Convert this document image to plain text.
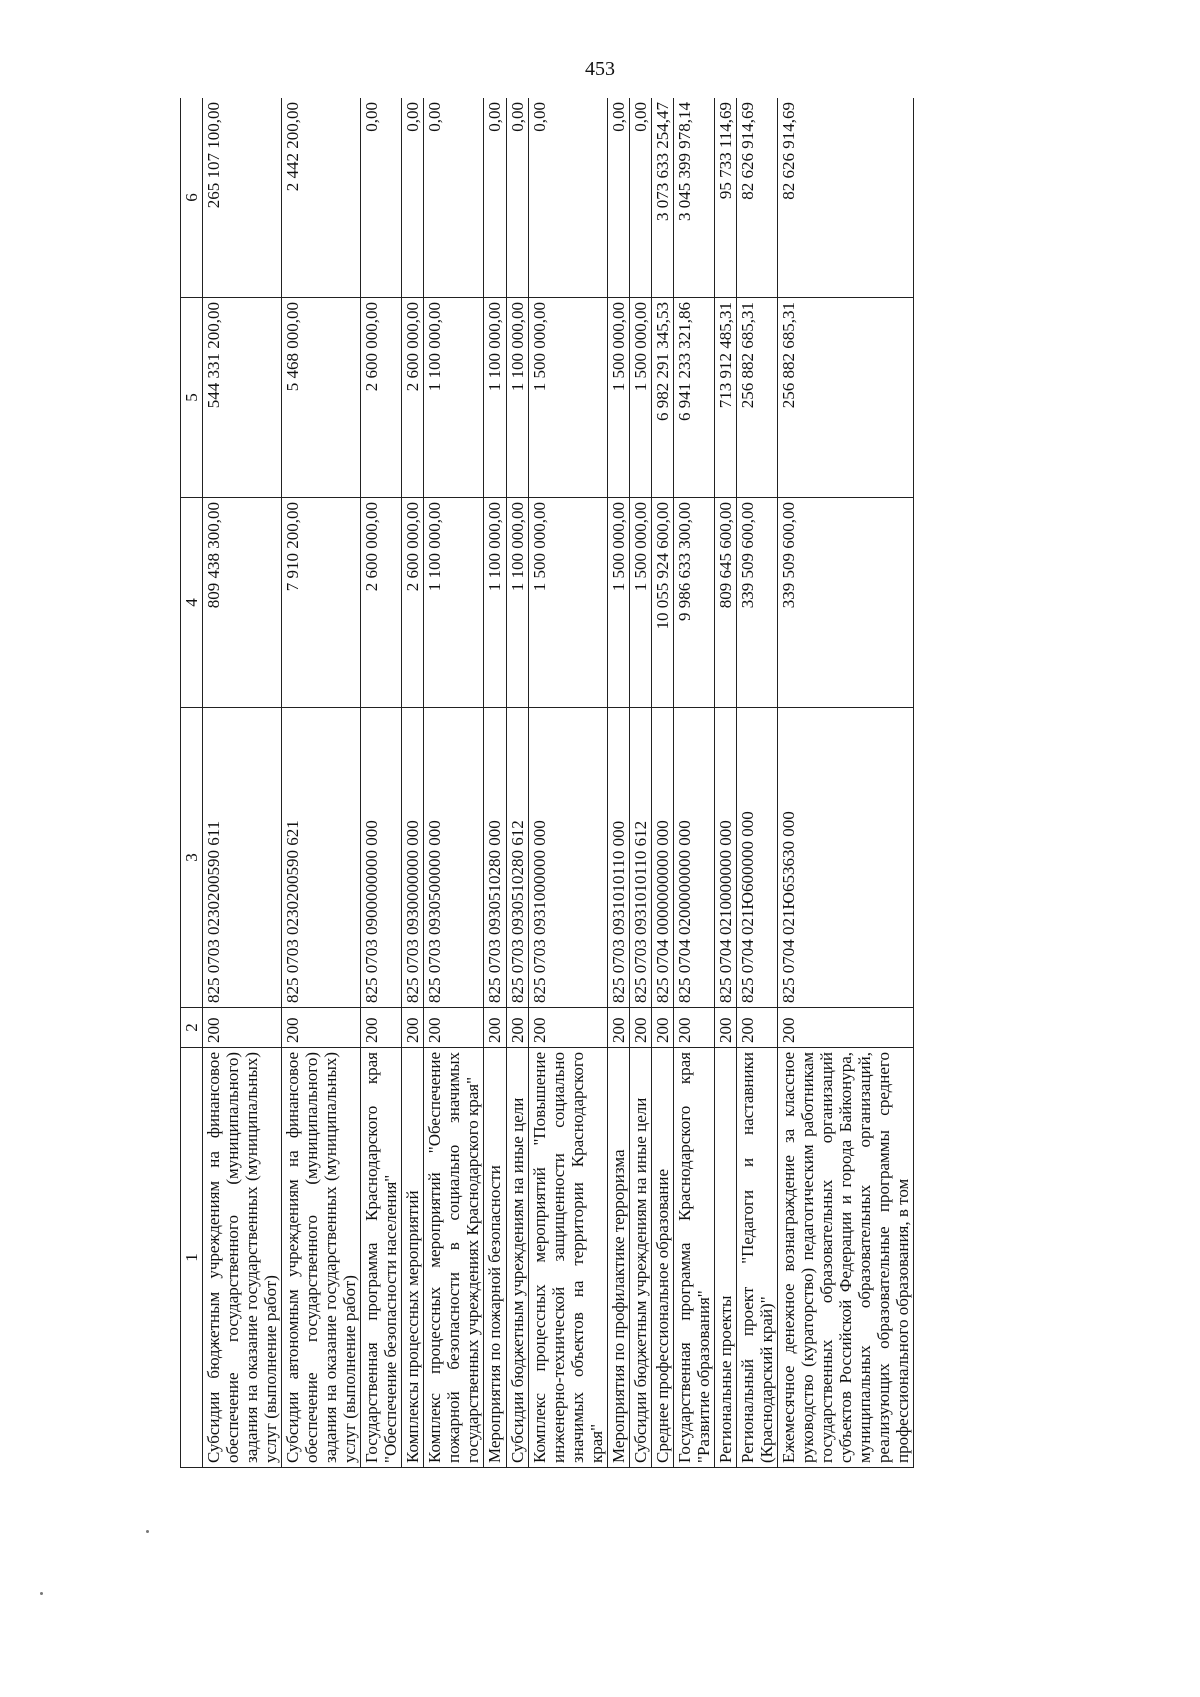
453
1	2	3	4	5	6
Субсидии бюджетным учреждениям на финансовое обеспечение государственного (муниципального) задания на оказание государственных (муниципальных) услуг (выполнение работ)	200	825 0703 0230200590 611	809 438 300,00	544 331 200,00	265 107 100,00
Субсидии автономным учреждениям на финансовое обеспечение государственного (муниципального) задания на оказание государственных (муниципальных) услуг (выполнение работ)	200	825 0703 0230200590 621	7 910 200,00	5 468 000,00	2 442 200,00
Государственная программа Краснодарского края "Обеспечение безопасности населения"	200	825 0703 0900000000 000	2 600 000,00	2 600 000,00	0,00
Комплексы процессных мероприятий	200	825 0703 0930000000 000	2 600 000,00	2 600 000,00	0,00
Комплекс процессных мероприятий "Обеспечение пожарной безопасности в социально значимых государственных учреждениях Краснодарского края"	200	825 0703 0930500000 000	1 100 000,00	1 100 000,00	0,00
Мероприятия по пожарной безопасности	200	825 0703 0930510280 000	1 100 000,00	1 100 000,00	0,00
Субсидии бюджетным учреждениям на иные цели	200	825 0703 0930510280 612	1 100 000,00	1 100 000,00	0,00
Комплекс процессных мероприятий "Повышение инженерно-технической защищенности социально значимых объектов на территории Краснодарского края"	200	825 0703 0931000000 000	1 500 000,00	1 500 000,00	0,00
Мероприятия по профилактике терроризма	200	825 0703 0931010110 000	1 500 000,00	1 500 000,00	0,00
Субсидии бюджетным учреждениям на иные цели	200	825 0703 0931010110 612	1 500 000,00	1 500 000,00	0,00
Среднее профессиональное образование	200	825 0704 0000000000 000	10 055 924 600,00	6 982 291 345,53	3 073 633 254,47
Государственная программа Краснодарского края "Развитие образования"	200	825 0704 0200000000 000	9 986 633 300,00	6 941 233 321,86	3 045 399 978,14
Региональные проекты	200	825 0704 0210000000 000	809 645 600,00	713 912 485,31	95 733 114,69
Региональный проект "Педагоги и наставники (Краснодарский край)"	200	825 0704 021Ю600000 000	339 509 600,00	256 882 685,31	82 626 914,69
Ежемесячное денежное вознаграждение за классное руководство (кураторство) педагогическим работникам государственных образовательных организаций субъектов Российской Федерации и города Байконура, муниципальных образовательных организаций, реализующих образовательные программы среднего профессионального образования, в том	200	825 0704 021Ю653630 000	339 509 600,00	256 882 685,31	82 626 914,69
